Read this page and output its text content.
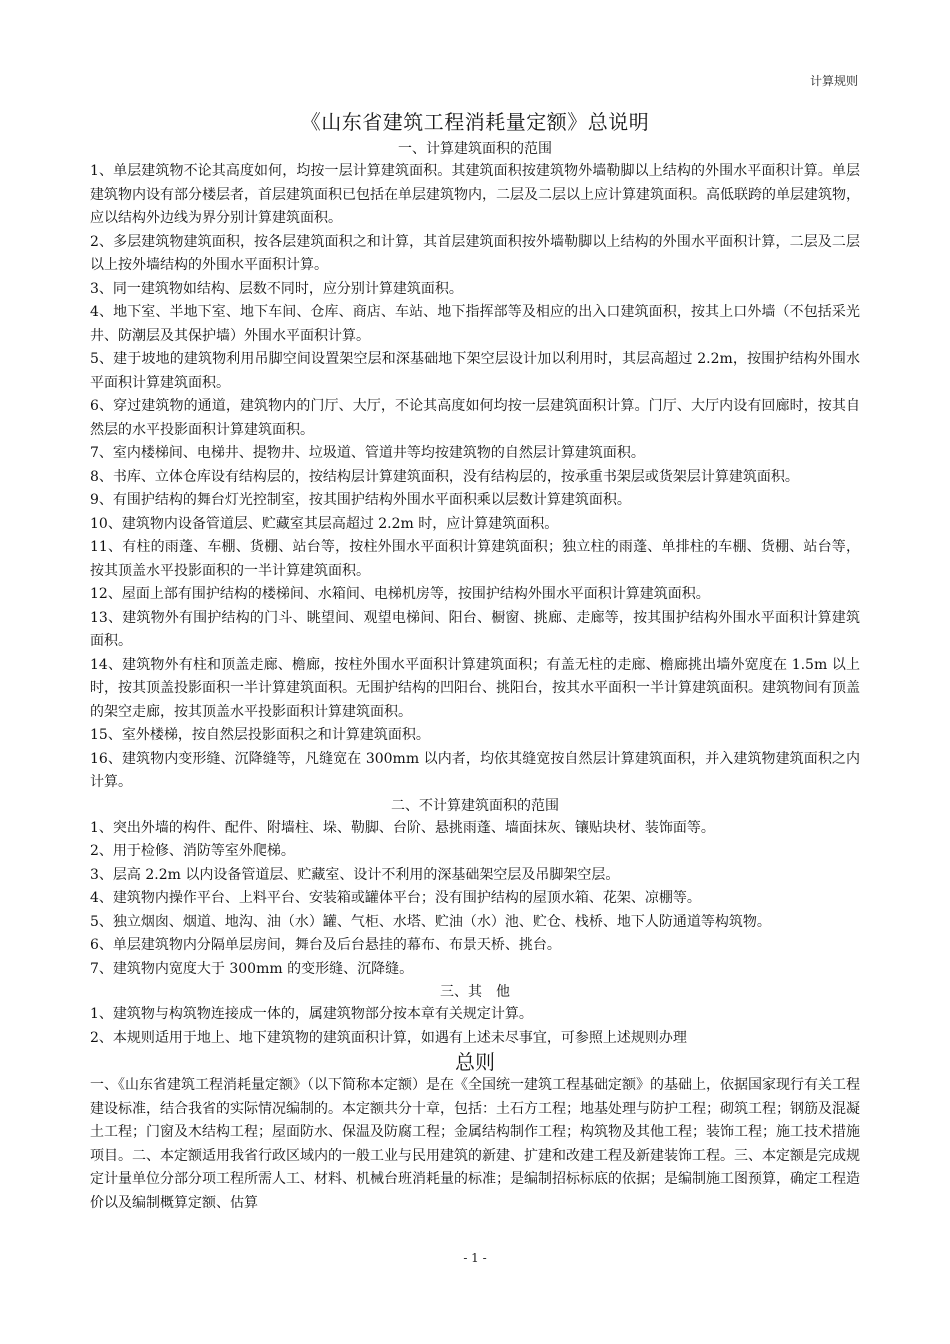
计算规则
《山东省建筑工程消耗量定额》总说明
一、计算建筑面积的范围

1、单层建筑物不论其高度如何，均按一层计算建筑面积。其建筑面积按建筑物外墙勒脚以上结构的外围水平面积计算。单层建筑物内设有部分楼层者，首层建筑面积已包括在单层建筑物内，二层及二层以上应计算建筑面积。高低联跨的单层建筑物，应以结构外边线为界分别计算建筑面积。

2、多层建筑物建筑面积，按各层建筑面积之和计算，其首层建筑面积按外墙勒脚以上结构的外围水平面积计算，二层及二层以上按外墙结构的外围水平面积计算。

3、同一建筑物如结构、层数不同时，应分别计算建筑面积。

4、地下室、半地下室、地下车间、仓库、商店、车站、地下指挥部等及相应的出入口建筑面积，按其上口外墙（不包括采光井、防潮层及其保护墙）外围水平面积计算。

5、建于坡地的建筑物利用吊脚空间设置架空层和深基础地下架空层设计加以利用时，其层高超过 2.2m，按围护结构外围水平面积计算建筑面积。

6、穿过建筑物的通道，建筑物内的门厅、大厅，不论其高度如何均按一层建筑面积计算。门厅、大厅内设有回廊时，按其自然层的水平投影面积计算建筑面积。

7、室内楼梯间、电梯井、提物井、垃圾道、管道井等均按建筑物的自然层计算建筑面积。

8、书库、立体仓库设有结构层的，按结构层计算建筑面积，没有结构层的，按承重书架层或货架层计算建筑面积。

9、有围护结构的舞台灯光控制室，按其围护结构外围水平面积乘以层数计算建筑面积。

10、建筑物内设备管道层、贮藏室其层高超过 2.2m 时，应计算建筑面积。

11、有柱的雨蓬、车棚、货棚、站台等，按柱外围水平面积计算建筑面积；独立柱的雨蓬、单排柱的车棚、货棚、站台等，按其顶盖水平投影面积的一半计算建筑面积。

12、屋面上部有围护结构的楼梯间、水箱间、电梯机房等，按围护结构外围水平面积计算建筑面积。

13、建筑物外有围护结构的门斗、眺望间、观望电梯间、阳台、橱窗、挑廊、走廊等，按其围护结构外围水平面积计算建筑面积。

14、建筑物外有柱和顶盖走廊、檐廊，按柱外围水平面积计算建筑面积；有盖无柱的走廊、檐廊挑出墙外宽度在 1.5m 以上时，按其顶盖投影面积一半计算建筑面积。无围护结构的凹阳台、挑阳台，按其水平面积一半计算建筑面积。建筑物间有顶盖的架空走廊，按其顶盖水平投影面积计算建筑面积。

15、室外楼梯，按自然层投影面积之和计算建筑面积。

16、建筑物内变形缝、沉降缝等，凡缝宽在 300mm 以内者，均依其缝宽按自然层计算建筑面积，并入建筑物建筑面积之内计算。

二、不计算建筑面积的范围

1、突出外墙的构件、配件、附墙柱、垛、勒脚、台阶、悬挑雨蓬、墙面抹灰、镶贴块材、装饰面等。

2、用于检修、消防等室外爬梯。

3、层高 2.2m 以内设备管道层、贮藏室、设计不利用的深基础架空层及吊脚架空层。

4、建筑物内操作平台、上料平台、安装箱或罐体平台；没有围护结构的屋顶水箱、花架、凉棚等。

5、独立烟囱、烟道、地沟、油（水）罐、气柜、水塔、贮油（水）池、贮仓、栈桥、地下人防通道等构筑物。

6、单层建筑物内分隔单层房间，舞台及后台悬挂的幕布、布景天桥、挑台。

7、建筑物内宽度大于 300mm 的变形缝、沉降缝。

三、其　他

1、建筑物与构筑物连接成一体的，属建筑物部分按本章有关规定计算。

2、本规则适用于地上、地下建筑物的建筑面积计算，如遇有上述未尽事宜，可参照上述规则办理

总则

一、《山东省建筑工程消耗量定额》（以下简称本定额）是在《全国统一建筑工程基础定额》的基础上，依据国家现行有关工程建设标准，结合我省的实际情况编制的。本定额共分十章，包括：土石方工程；地基处理与防护工程；砌筑工程；钢筋及混凝土工程；门窗及木结构工程；屋面防水、保温及防腐工程；金属结构制作工程；构筑物及其他工程；装饰工程；施工技术措施项目。二、本定额适用我省行政区域内的一般工业与民用建筑的新建、扩建和改建工程及新建装饰工程。三、本定额是完成规定计量单位分部分项工程所需人工、材料、机械台班消耗量的标准；是编制招标标底的依据；是编制施工图预算，确定工程造价以及编制概算定额、估算

- 1 -
